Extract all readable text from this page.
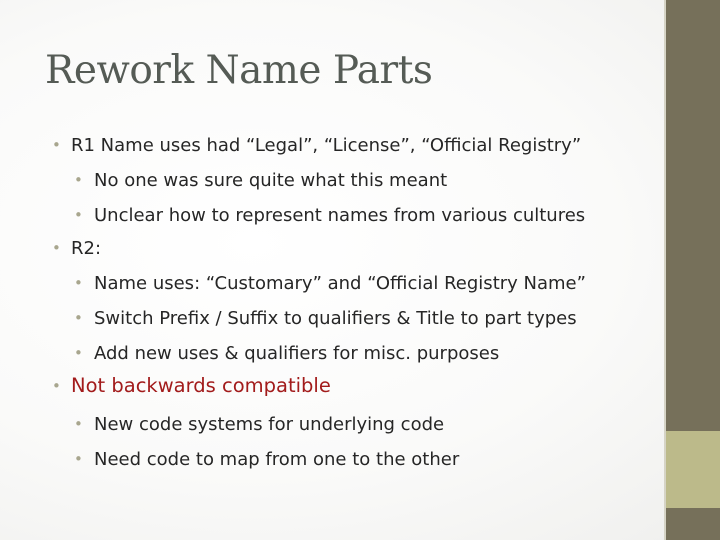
Rework Name Parts
• R1 Name uses had “Legal”, “License”, “Official Registry”
• No one was sure quite what this meant
• Unclear how to represent names from various cultures
• R2:
• Name uses: “Customary” and “Official Registry Name”
• Switch Prefix / Suffix to qualifiers & Title to part types
• Add new uses & qualifiers for misc. purposes
• Not backwards compatible
• New code systems for underlying code
• Need code to map from one to the other
